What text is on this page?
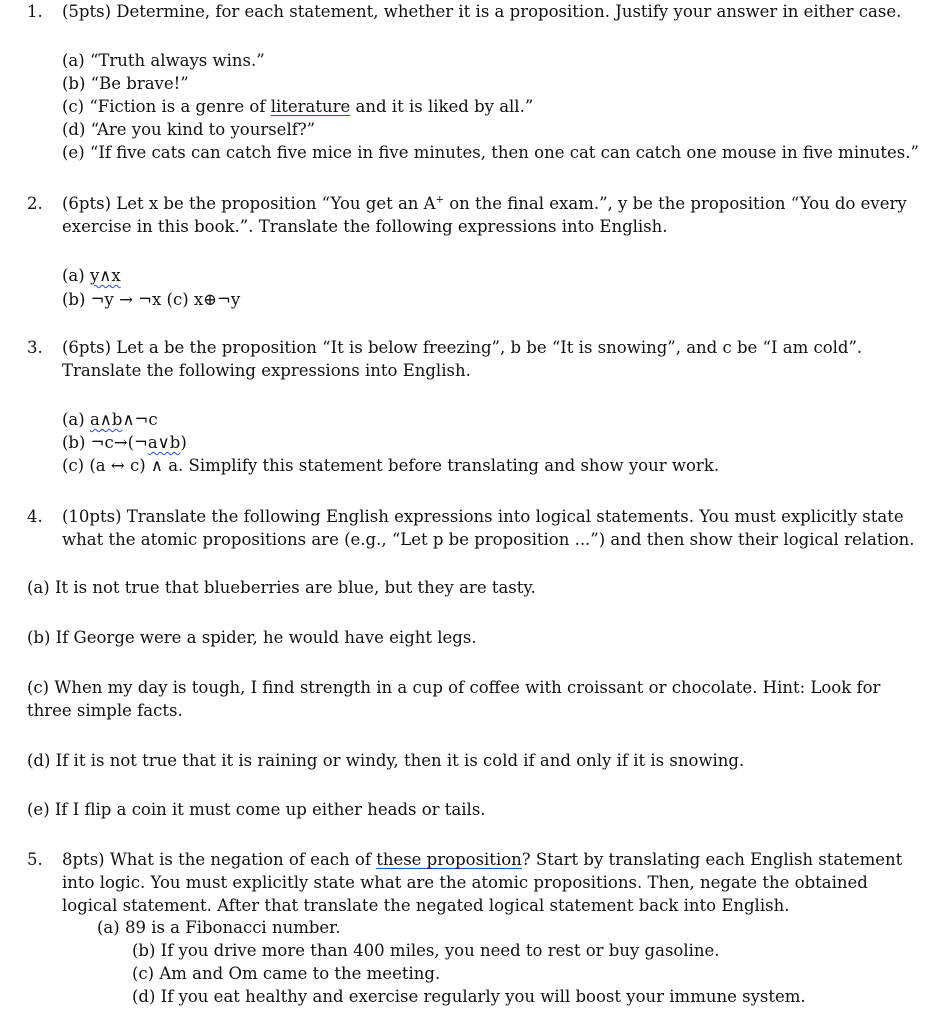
1. (5pts) Determine, for each statement, whether it is a proposition. Justify your answer in either case.
(a) “Truth always wins.”
(b) “Be brave!”
(c) “Fiction is a genre of literature and it is liked by all.”
(d) “Are you kind to yourself?”
(e) “If five cats can catch five mice in five minutes, then one cat can catch one mouse in five minutes.”
2. (6pts) Let x be the proposition “You get an A+ on the final exam.”, y be the proposition “You do every
exercise in this book.”. Translate the following expressions into English.
(a) y∧x
(b) ¬y → ¬x (c) x⊕¬y
3. (6pts) Let a be the proposition “It is below freezing”, b be “It is snowing”, and c be “I am cold”.
Translate the following expressions into English.
(a) a∧b∧¬c
(b) ¬c→(¬a∨b)
(c) (a ↔ c) ∧ a. Simplify this statement before translating and show your work.
4. (10pts) Translate the following English expressions into logical statements. You must explicitly state
what the atomic propositions are (e.g., “Let p be proposition ...”) and then show their logical relation.
(a) It is not true that blueberries are blue, but they are tasty.
(b) If George were a spider, he would have eight legs.
(c) When my day is tough, I find strength in a cup of coffee with croissant or chocolate. Hint: Look for
three simple facts.
(d) If it is not true that it is raining or windy, then it is cold if and only if it is snowing.
(e) If I flip a coin it must come up either heads or tails.
5. 8pts) What is the negation of each of these proposition? Start by translating each English statement
into logic. You must explicitly state what are the atomic propositions. Then, negate the obtained
logical statement. After that translate the negated logical statement back into English.
(a) 89 is a Fibonacci number.
(b) If you drive more than 400 miles, you need to rest or buy gasoline.
(c) Am and Om came to the meeting.
(d) If you eat healthy and exercise regularly you will boost your immune system.
